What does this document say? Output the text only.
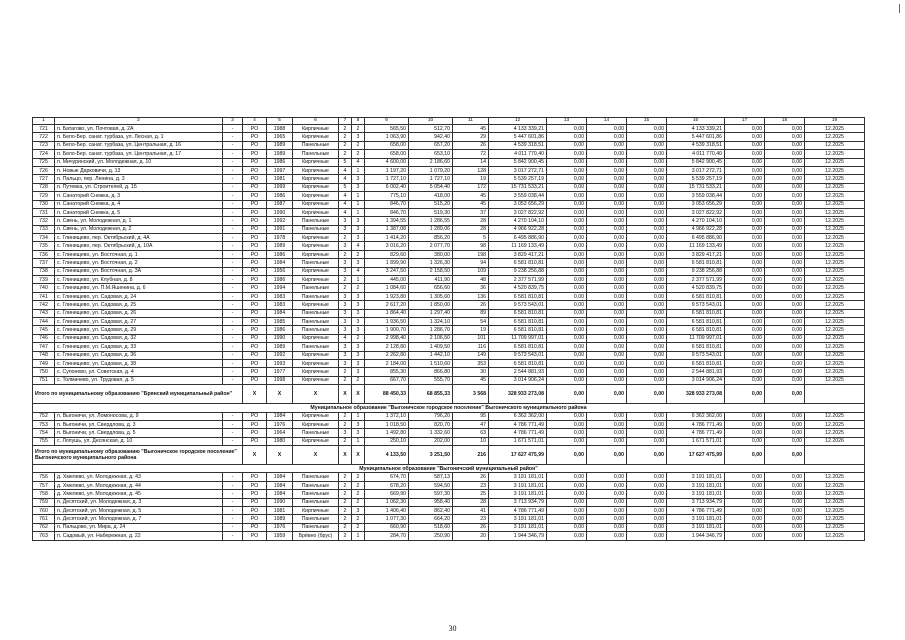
1	2	3	4	5	6	7	8	9	10	11	12	13	14	15	16	17	18	19
721	п. Батагово, ул. Почтовая, д. 2А	-	РО	1988	Кирпичные	2	2	565,50	512,70	45	4 133 339,21	0,00	0,00	0,00	4 133 339,21	0,00	0,00	12.2025
722	п. Бело-Бер. санат. турбаза, ул. Лесная, д. 1	-	РО	1965	Кирпичные	2	3	1 063,90	942,40	29	5 447 601,86	0,00	0,00	0,00	5 447 601,86	0,00	0,00	12.2025
723	п. Бело-Бер. санат. турбаза, ул. Центральная, д. 16	-	РО	1989	Панельные	2	2	658,00	657,20	26	4 539 318,51	0,00	0,00	0,00	4 539 318,51	0,00	0,00	12.2025
724	п. Бело-Бер. санат. турбаза, ул. Центральная, д. 17	-	РО	1989	Панельные	2	2	658,00	653,10	72	4 011 770,40	0,00	0,00	0,00	4 011 770,40	0,00	0,00	12.2025
725	п. Мичуринский, ул. Молодежная, д. 10	-	РО	1986	Кирпичные	5	4	4 600,00	2 186,60	14	5 842 900,45	0,00	0,00	0,00	5 842 900,45	0,00	0,00	12.2025
726	п. Новые Дарковичи, д. 13	-	РО	1997	Кирпичные	4	1	1 197,20	1 079,20	128	3 017 272,71	0,00	0,00	0,00	3 017 272,71	0,00	0,00	12.2025
727	п. Пальцо, пер. Ленина, д. 3	-	РО	1981	Кирпичные	4	3	1 727,10	1 727,10	19	5 539 257,19	0,00	0,00	0,00	5 539 257,19	0,00	0,00	12.2025
728	п. Путевка, ул. Строителей, д. 15	-	РО	1999	Кирпичные	5	3	6 002,40	5 054,40	172	15 731 533,21	0,00	0,00	0,00	15 731 533,21	0,00	0,00	12.2025
729	п. Санаторий Снежка, д. 3	-	РО	1986	Кирпичные	4	1	775,10	418,00	45	3 559 038,44	0,00	0,00	0,00	3 559 038,44	0,00	0,00	12.2025
730	п. Санаторий Снежка, д. 4	-	РО	1987	Кирпичные	4	1	846,70	515,20	45	3 053 656,29	0,00	0,00	0,00	3 053 656,29	0,00	0,00	12.2025
731	п. Санаторий Снежка, д. 5	-	РО	1990	Кирпичные	4	1	846,70	519,30	37	3 027 822,92	0,00	0,00	0,00	3 027 822,92	0,00	0,00	12.2025
732	п. Свень, ул. Молодежная, д. 1	-	РО	1992	Панельные	3	3	1 394,55	1 286,55	28	4 270 104,10	0,00	0,00	0,00	4 270 104,10	0,00	0,00	12.2025
733	п. Свень, ул. Молодежная, д. 2	-	РО	1991	Панельные	3	3	1 387,08	1 289,06	28	4 966 922,28	0,00	0,00	0,00	4 966 922,28	0,00	0,00	12.2025
734	с. Глинищево, пер. Октябрьский, д. 4А	-	РО	1978	Кирпичные	2	3	1 414,20	856,20	5	6 495 886,90	0,00	0,00	0,00	6 495 886,90	0,00	0,00	12.2025
735	с. Глинищево, пер. Октябрьский, д. 10А	-	РО	1989	Кирпичные	3	4	3 016,20	2 077,70	98	11 169 133,49	0,00	0,00	0,00	11 169 133,49	0,00	0,00	12.2025
736	с. Глинищево, ул. Восточная, д. 1	-	РО	1986	Кирпичные	2	2	829,60	380,00	198	3 829 417,21	0,00	0,00	0,00	3 829 417,21	0,00	0,00	12.2025
737	с. Глинищево, ул. Восточная, д. 2	-	РО	1984	Панельные	3	3	1 899,90	1 326,30	94	6 581 810,81	0,00	0,00	0,00	6 581 810,81	0,00	0,00	12.2025
738	с. Глинищево, ул. Восточная, д. 3А	-	РО	1956	Кирпичные	3	4	3 247,50	2 158,50	109	9 238 256,88	0,00	0,00	0,00	9 238 256,88	0,00	0,00	12.2025
739	с. Глинищево, ул. Клубная, д. 8	-	РО	1986	Кирпичные	2	1	445,00	411,90	48	2 377 571,99	0,00	0,00	0,00	2 377 571,99	0,00	0,00	12.2025
740	с. Глинищево, ул. П.М.Яшенина, д. 6	-	РО	1994	Панельные	2	2	1 084,60	656,60	36	4 520 839,75	0,00	0,00	0,00	4 520 839,75	0,00	0,00	12.2025
741	с. Глинищево, ул. Садовая, д. 24	-	РО	1983	Панельные	3	3	1 923,80	1 305,60	136	6 581 810,81	0,00	0,00	0,00	6 581 810,81	0,00	0,00	12.2025
742	с. Глинищево, ул. Садовая, д. 25	-	РО	1983	Кирпичные	3	3	2 617,20	1 850,00	26	9 573 543,01	0,00	0,00	0,00	9 573 543,01	0,00	0,00	12.2025
743	с. Глинищево, ул. Садовая, д. 26	-	РО	1984	Панельные	3	3	1 864,40	1 297,40	89	6 581 810,81	0,00	0,00	0,00	6 581 810,81	0,00	0,00	12.2025
744	с. Глинищево, ул. Садовая, д. 27	-	РО	1985	Панельные	3	3	1 936,50	1 324,10	54	6 581 810,81	0,00	0,00	0,00	6 581 810,81	0,00	0,00	12.2025
745	с. Глинищево, ул. Садовая, д. 29	-	РО	1986	Панельные	3	3	1 900,70	1 286,70	19	6 581 810,81	0,00	0,00	0,00	6 581 810,81	0,00	0,00	12.2025
746	с. Глинищево, ул. Садовая, д. 32	-	РО	1990	Кирпичные	4	2	2 998,40	2 106,50	101	11 709 997,01	0,00	0,00	0,00	11 709 997,01	0,00	0,00	12.2025
747	с. Глинищево, ул. Садовая, д. 33	-	РО	1989	Панельные	3	3	2 128,80	1 409,50	116	6 581 810,81	0,00	0,00	0,00	6 581 810,81	0,00	0,00	12.2025
748	с. Глинищево, ул. Садовая, д. 36	-	РО	1992	Кирпичные	3	3	2 262,80	1 442,10	149	9 573 543,01	0,00	0,00	0,00	9 573 543,01	0,00	0,00	12.2025
749	с. Глинищево, ул. Садовая, д. 38	-	РО	1993	Кирпичные	3	3	2 184,00	1 510,60	353	6 581 810,81	0,00	0,00	0,00	6 581 810,81	0,00	0,00	12.2025
750	с. Супонево, ул. Советская, д. 4	-	РО	1977	Кирпичные	2	3	855,30	866,80	30	2 544 881,93	0,00	0,00	0,00	2 544 881,93	0,00	0,00	12.2025
751	с. Толмачево, ул. Трудовая, д. 5	-	РО	1998	Кирпичные	2	2	667,70	555,70	45	3 014 906,24	0,00	0,00	0,00	3 014 906,24	0,00	0,00	12.2025
Итого по муниципальному образованию "Брянский муниципальный район"			Х	Х	Х	Х	Х	88 450,33	68 855,33	3 568	328 933 273,08	0,00	0,00	0,00	328 933 273,08	0,00	0,00	
Муниципальное образование "Выгоничское городское поселение" Выгоничского муниципального района																		
752	п. Выгоничи, ул. Ломоносова, д. 9	-	РО	1984	Кирпичные	2	1	1 372,10	796,20	95	6 362 362,00	0,00	0,00	0,00	6 362 362,00	0,00	0,00	12.2025
753	п. Выгоничи, ул. Свердлова, д. 3	-	РО	1976	Кирпичные	2	3	1 018,50	820,70	47	4 786 771,49	0,00	0,00	0,00	4 786 771,49	0,00	0,00	12.2025
754	п. Выгоничи, ул. Свердлова, д. 5	-	РО	1964	Панельные	3	3	1 492,80	1 332,60	63	4 786 771,49	0,00	0,00	0,00	4 786 771,49	0,00	0,00	12.2025
755	с. Лопушь, ул. Десянская, д. 10	-	РО	1980	Кирпичные	2	1	250,10	202,00	10	1 671 571,01	0,00	0,00	0,00	1 671 571,01	0,00	0,00	12.2026
Итого по муниципальному образованию "Выгоничское городское поселение" Выгоничского муниципального района			Х	Х	Х	Х	Х	4 133,50	3 251,50	216	17 627 475,99	0,00	0,00	0,00	17 627 475,99	0,00	0,00	
Муниципальное образование "Выгоничский муниципальный район"																		
756	д. Хмелево, ул. Молодежная, д. 43	-	РО	1984	Панельные	2	2	674,70	587,13	26	3 191 181,01	0,00	0,00	0,00	3 191 181,01	0,00	0,00	12.2025
757	д. Хмелево, ул. Молодежная, д. 44	-	РО	1984	Панельные	2	2	678,20	594,50	23	3 191 181,01	0,00	0,00	0,00	3 191 181,01	0,00	0,00	12.2025
758	д. Хмелево, ул. Молодежная, д. 45	-	РО	1984	Панельные	2	2	669,90	597,30	25	3 191 181,01	0,00	0,00	0,00	3 191 181,01	0,00	0,00	12.2025
759	п. Десятский, ул. Молодежная, д. 3	-	РО	1990	Панельные	2	2	1 062,30	958,40	28	3 713 934,79	0,00	0,00	0,00	3 713 934,79	0,00	0,00	12.2025
760	п. Десятский, ул. Молодежная, д. 5	-	РО	1981	Кирпичные	2	3	1 406,40	862,40	41	4 786 771,49	0,00	0,00	0,00	4 786 771,49	0,00	0,00	12.2025
761	п. Десятский, ул. Молодежная, д. 7	-	РО	1989	Панельные	2	2	1 077,30	664,20	23	3 191 181,01	0,00	0,00	0,00	3 191 181,01	0,00	0,00	12.2025
762	п. Пальцово, ул. Мира, д. 24	-	РО	1976	Панельные	2	2	660,90	518,60	26	3 191 181,01	0,00	0,00	0,00	3 191 181,01	0,00	0,00	12.2025
763	п. Садовый, ул. Набережная, д. 22	-	РО	1959	Брёвно (брус)	2	1	284,70	250,90	20	1 944 346,79	0,00	0,00	0,00	1 944 346,79	0,00	0,00	12.2025
30
